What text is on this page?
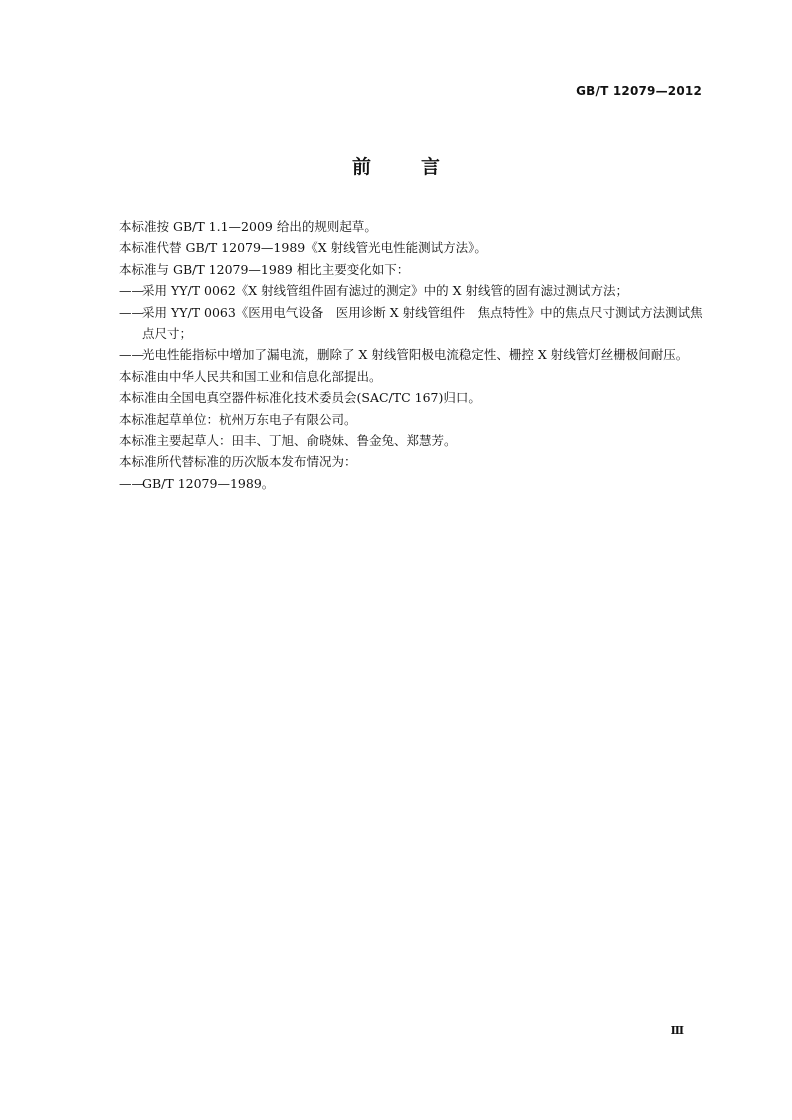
GB/T 12079—2012
前言

本标准按 GB/T 1.1—2009 给出的规则起草。

本标准代替 GB/T 12079—1989《X 射线管光电性能测试方法》。

本标准与 GB/T 12079—1989 相比主要变化如下：

——
采用 YY/T 0062《X 射线管组件固有滤过的测定》中的 X 射线管的固有滤过测试方法；
——
采用 YY/T 0063《医用电气设备　医用诊断 X 射线管组件　焦点特性》中的焦点尺寸测试方法测试焦点尺寸；
——
光电性能指标中增加了漏电流，删除了 X 射线管阳极电流稳定性、栅控 X 射线管灯丝栅极间耐压。

本标准由中华人民共和国工业和信息化部提出。

本标准由全国电真空器件标准化技术委员会(SAC/TC 167)归口。

本标准起草单位：杭州万东电子有限公司。

本标准主要起草人：田丰、丁旭、俞晓妹、鲁金兔、郑慧芳。

本标准所代替标准的历次版本发布情况为：

——
GB/T 12079—1989。
Ⅲ
